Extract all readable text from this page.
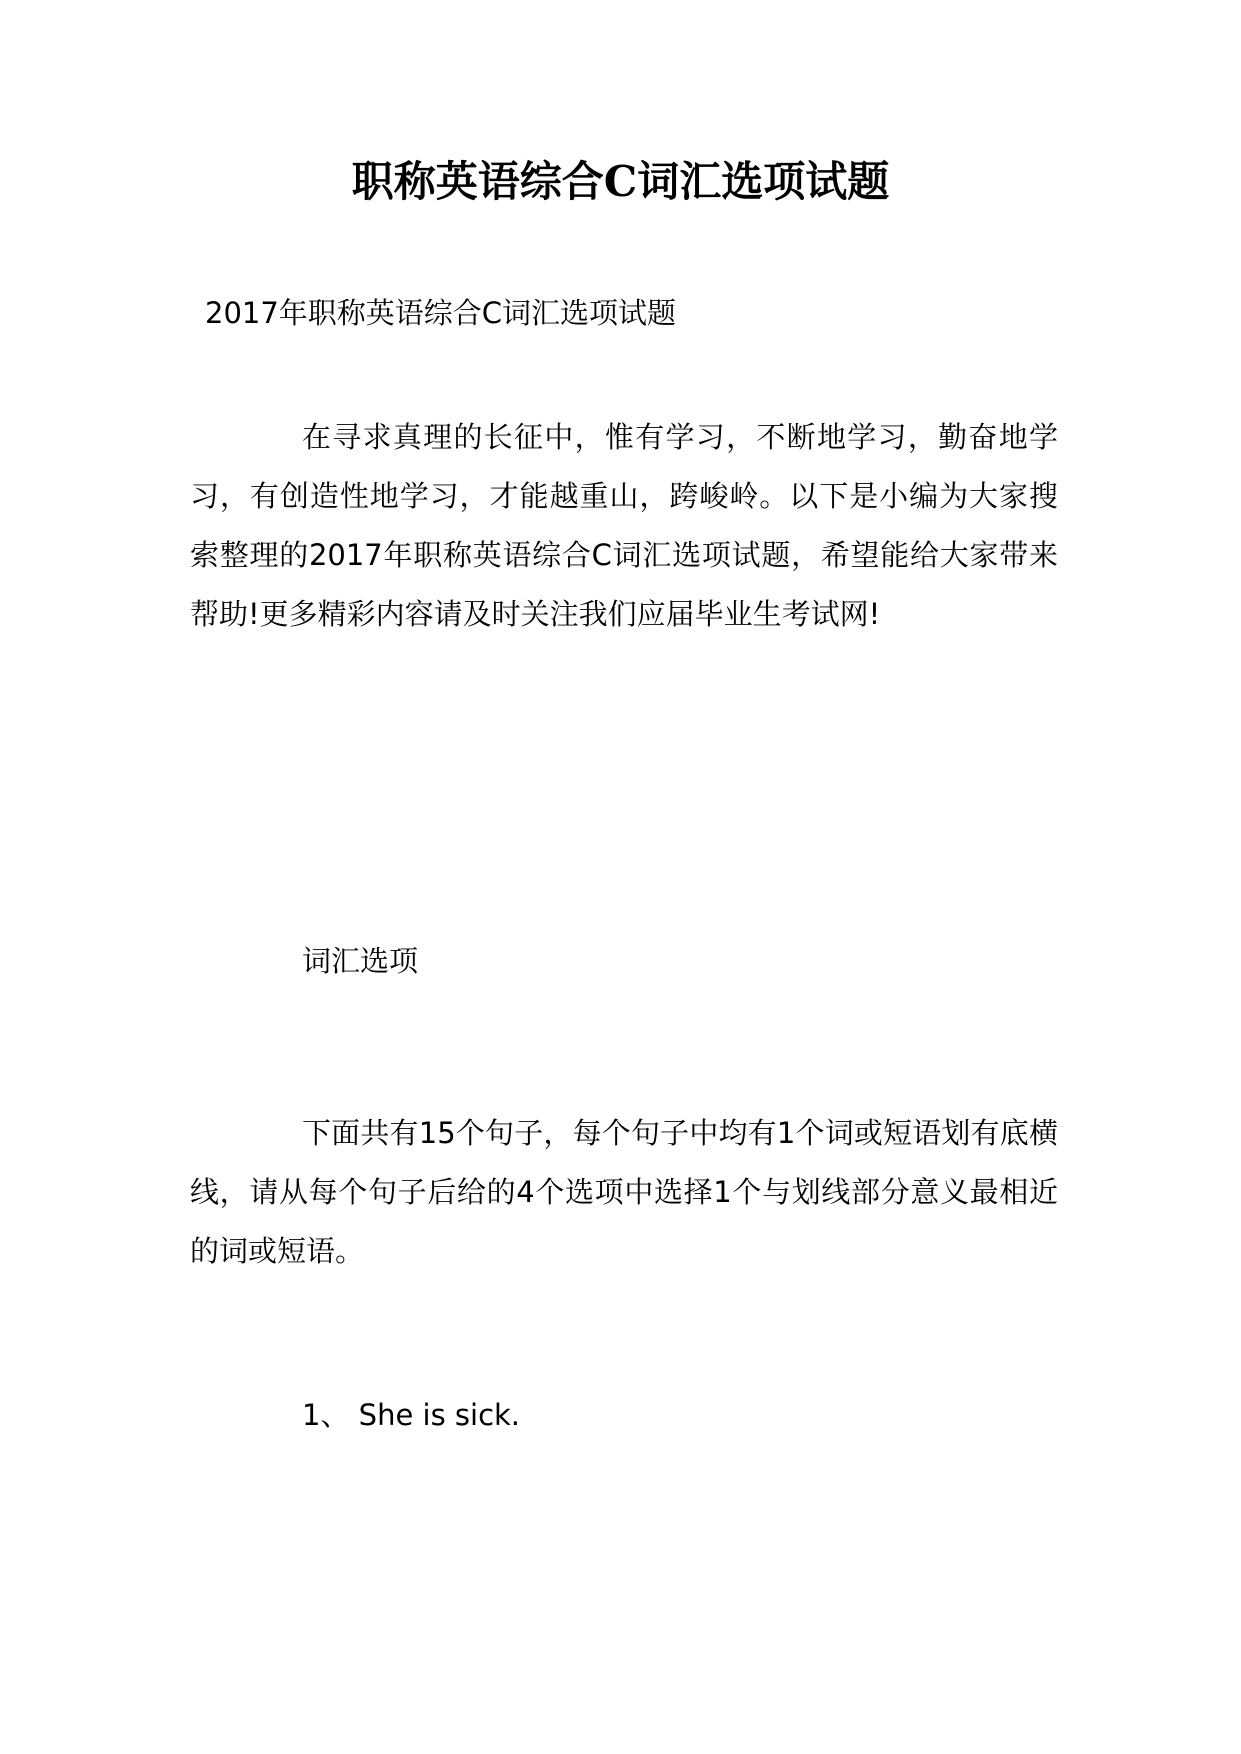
职称英语综合C词汇选项试题

2017年职称英语综合C词汇选项试题

在寻求真理的长征中，惟有学习，不断地学习，勤奋地学习，有创造性地学习，才能越重山，跨峻岭。以下是小编为大家搜索整理的2017年职称英语综合C词汇选项试题，希望能给大家带来帮助!更多精彩内容请及时关注我们应届毕业生考试网!

词汇选项

下面共有15个句子，每个句子中均有1个词或短语划有底横线，请从每个句子后给的4个选项中选择1个与划线部分意义最相近的词或短语。

1、 She is sick.
